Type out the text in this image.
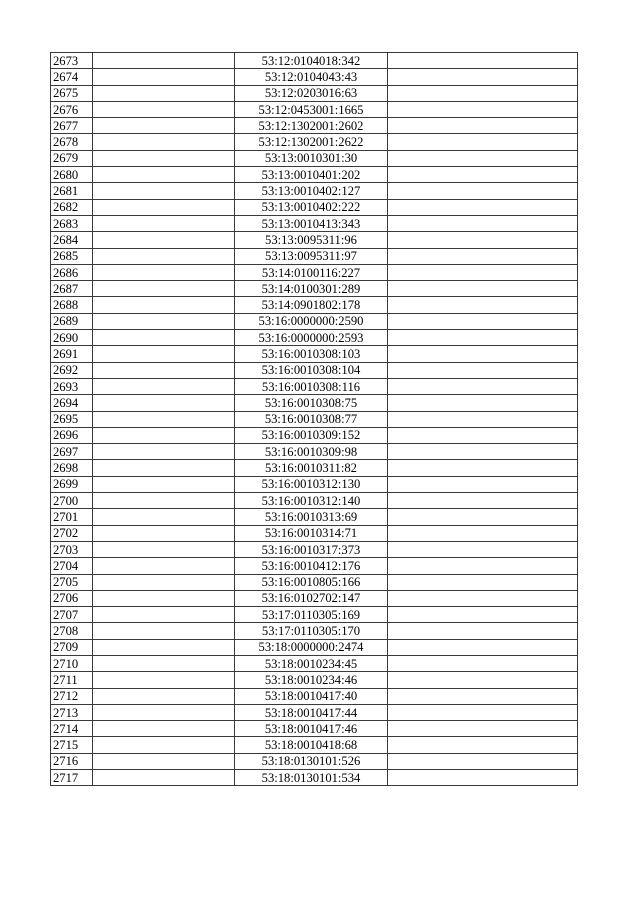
2673		53:12:0104018:342	
2674		53:12:0104043:43	
2675		53:12:0203016:63	
2676		53:12:0453001:1665	
2677		53:12:1302001:2602	
2678		53:12:1302001:2622	
2679		53:13:0010301:30	
2680		53:13:0010401:202	
2681		53:13:0010402:127	
2682		53:13:0010402:222	
2683		53:13:0010413:343	
2684		53:13:0095311:96	
2685		53:13:0095311:97	
2686		53:14:0100116:227	
2687		53:14:0100301:289	
2688		53:14:0901802:178	
2689		53:16:0000000:2590	
2690		53:16:0000000:2593	
2691		53:16:0010308:103	
2692		53:16:0010308:104	
2693		53:16:0010308:116	
2694		53:16:0010308:75	
2695		53:16:0010308:77	
2696		53:16:0010309:152	
2697		53:16:0010309:98	
2698		53:16:0010311:82	
2699		53:16:0010312:130	
2700		53:16:0010312:140	
2701		53:16:0010313:69	
2702		53:16:0010314:71	
2703		53:16:0010317:373	
2704		53:16:0010412:176	
2705		53:16:0010805:166	
2706		53:16:0102702:147	
2707		53:17:0110305:169	
2708		53:17:0110305:170	
2709		53:18:0000000:2474	
2710		53:18:0010234:45	
2711		53:18:0010234:46	
2712		53:18:0010417:40	
2713		53:18:0010417:44	
2714		53:18:0010417:46	
2715		53:18:0010418:68	
2716		53:18:0130101:526	
2717		53:18:0130101:534	
